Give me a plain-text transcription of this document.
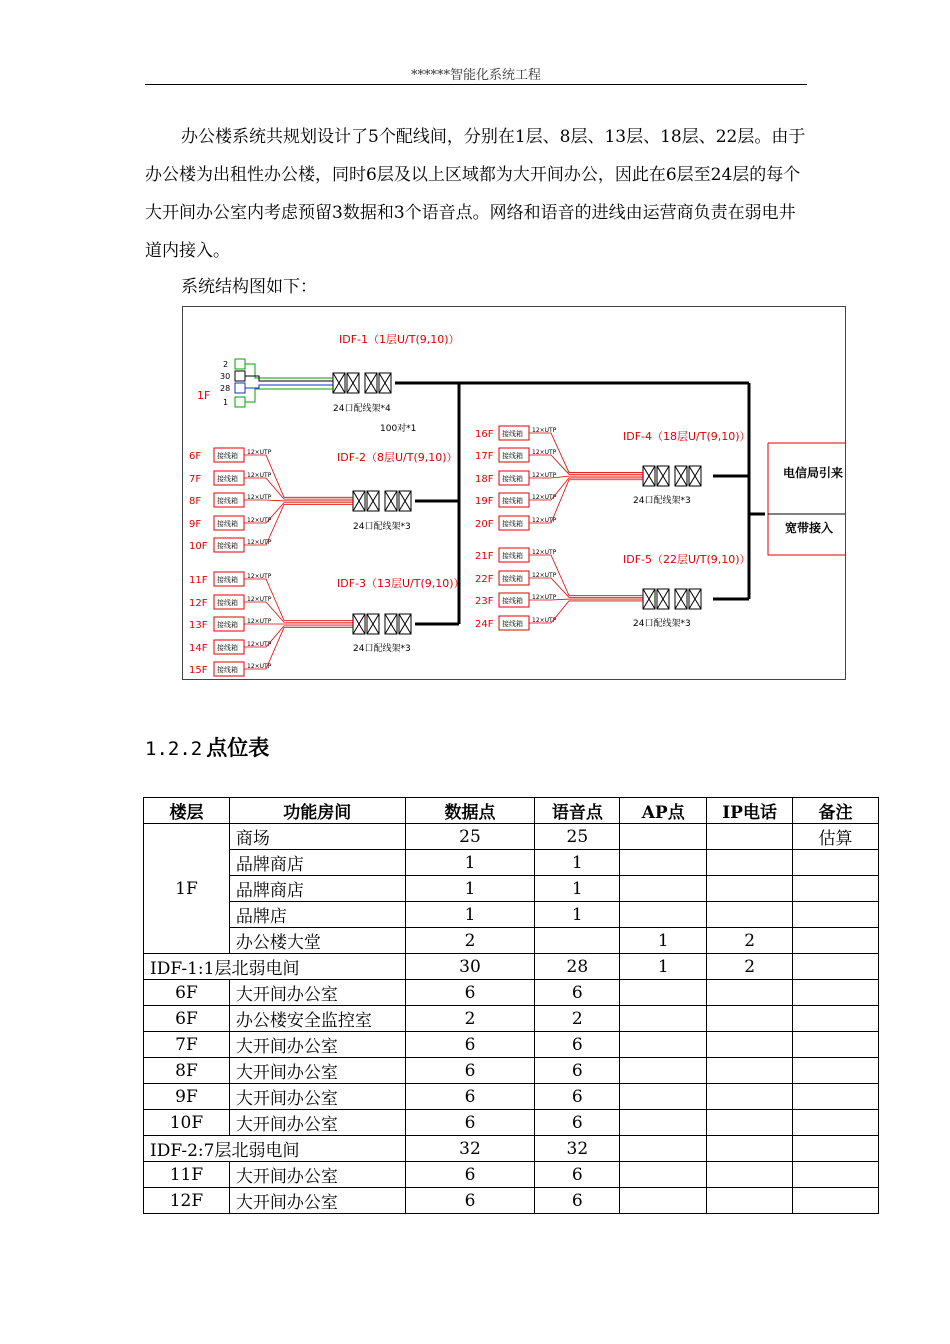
******智能化系统工程
办公楼系统共规划设计了5个配线间，分别在1层、8层、13层、18层、22层。由于办公楼为出租性办公楼，同时6层及以上区域都为大开间办公，因此在6层至24层的每个大开间办公室内考虑预留3数据和3个语音点。网络和语音的进线由运营商负责在弱电井道内接入。
系统结构图如下：
IDF-1（1层U/T(9,10)）
24口配线架*4
100对*1
1F
2
30
28
1
IDF-2（8层U/T(9,10)）
24口配线架*3
IDF-3（13层U/T(9,10)）
24口配线架*3
IDF-4（18层U/T(9,10)）
24口配线架*3
IDF-5（22层U/T(9,10)）
24口配线架*3
6F 接线箱 12×UTP
7F 接线箱 12×UTP
8F 接线箱 12×UTP
9F 接线箱 12×UTP
10F 接线箱 12×UTP
11F 接线箱 12×UTP
12F 接线箱 12×UTP
13F 接线箱 12×UTP
14F 接线箱 12×UTP
15F 接线箱 12×UTP
16F 接线箱 12×UTP
17F 接线箱 12×UTP
18F 接线箱 12×UTP
19F 接线箱 12×UTP
20F 接线箱 12×UTP
21F 接线箱 12×UTP
22F 接线箱 12×UTP
23F 接线箱 12×UTP
24F 接线箱 12×UTP
电信局引来
宽带接入
1.2.2 点位表
楼层	功能房间	数据点	语音点	AP点	IP电话	备注
1F	商场	25	25			估算
	品牌商店	1	1			
	品牌商店	1	1			
	品牌店	1	1			
	办公楼大堂	2		1	2	
IDF-1:1层北弱电间		30	28	1	2	
6F	大开间办公室	6	6			
6F	办公楼安全监控室	2	2			
7F	大开间办公室	6	6			
8F	大开间办公室	6	6			
9F	大开间办公室	6	6			
10F	大开间办公室	6	6			
IDF-2:7层北弱电间		32	32			
11F	大开间办公室	6	6			
12F	大开间办公室	6	6			
